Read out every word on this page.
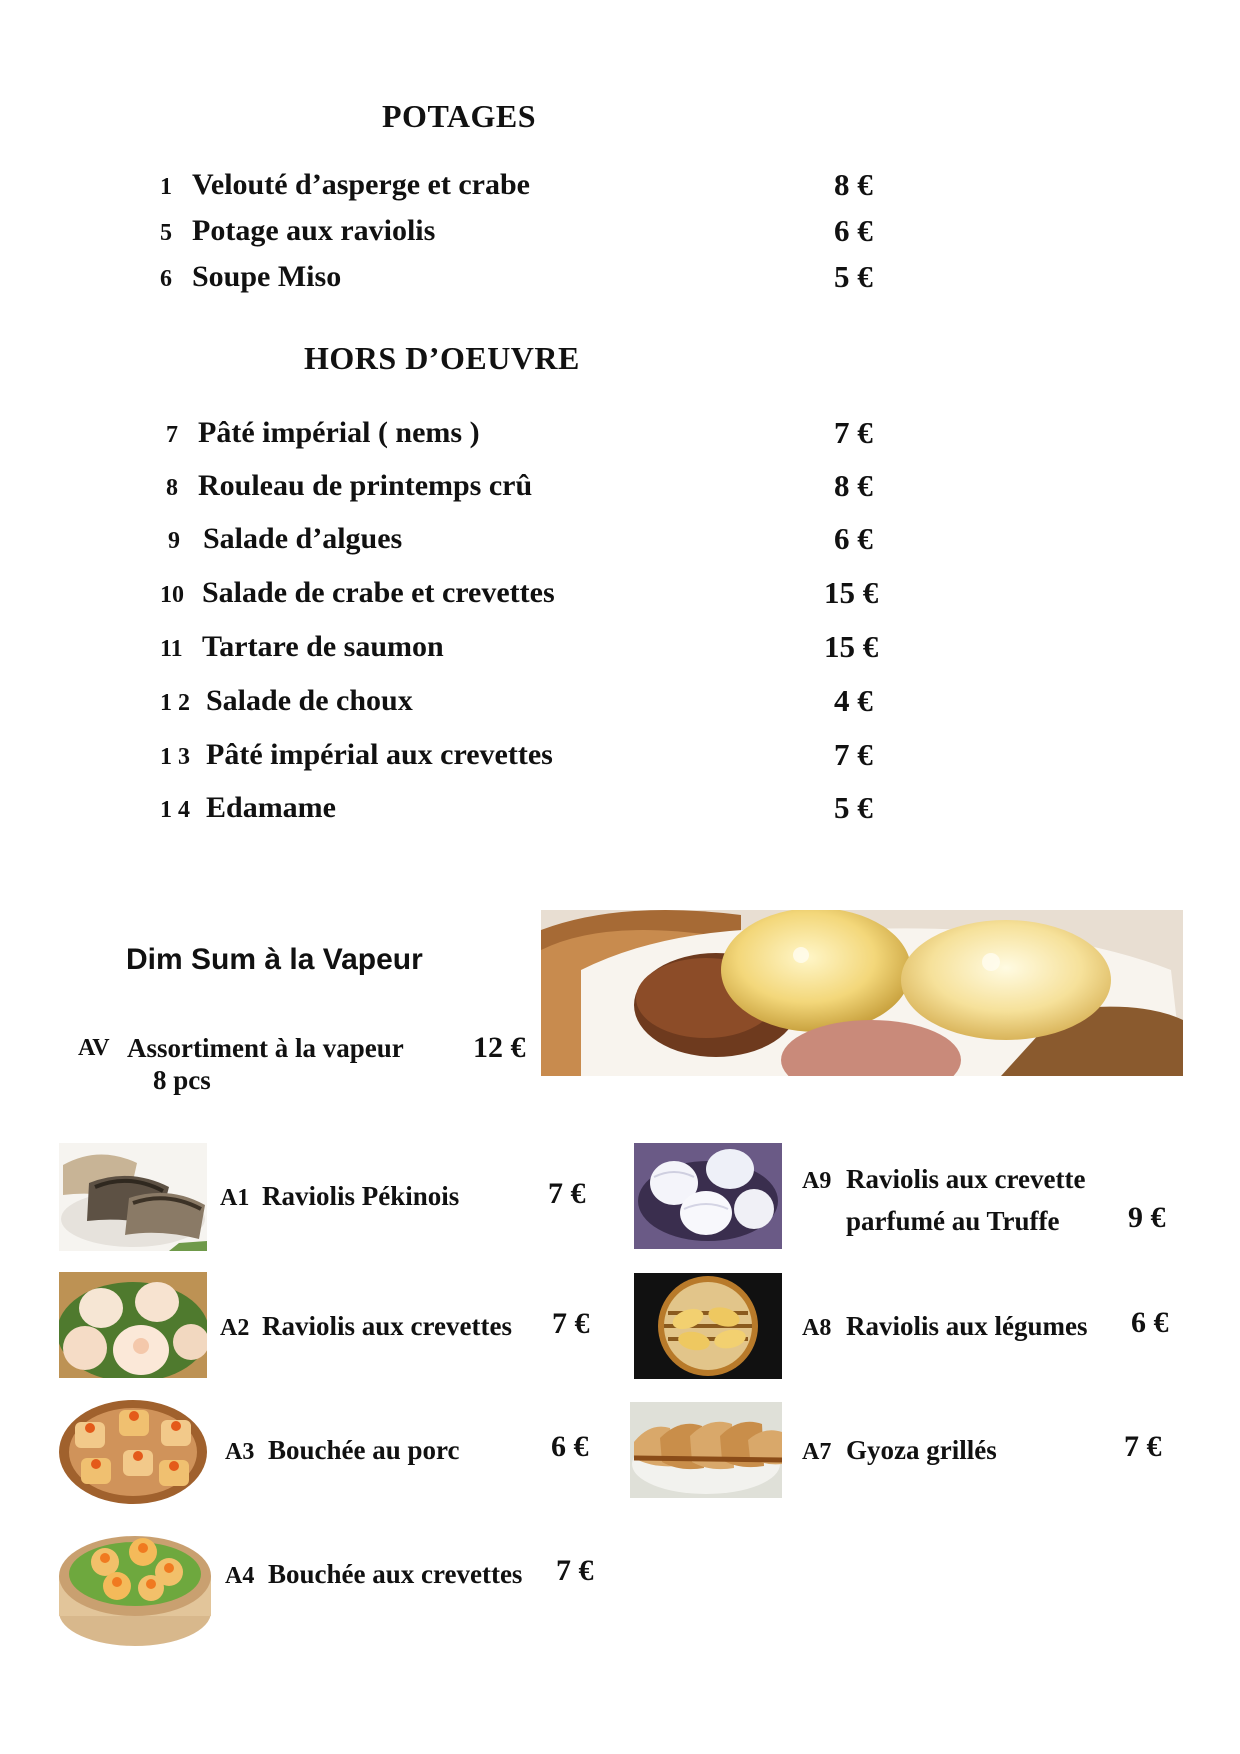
POTAGES
1 Velouté d’asperge et crabe	8 €
5 Potage aux raviolis	6 €
6 Soupe Miso	5 €
HORS D’OEUVRE
7 Pâté impérial ( nems )	7 €
8 Rouleau de printemps crû	8 €
9 Salade d’algues	6 €
10 Salade de crabe et crevettes	15 €
11 Tartare de saumon	15 €
1 2 Salade de choux	4 €
1 3 Pâté impérial aux crevettes	7 €
1 4 Edamame	5 €
Dim Sum à la Vapeur
AV Assortiment à la vapeur
8 pcs
12 €
A1 Raviolis Pékinois	7 €
A2 Raviolis aux crevettes 7 €
A3 Bouchée au porc	6 €
A4 Bouchée aux crevettes 7 €
A9 Raviolis aux crevette
parfumé au Truffe 9 €
A8 Raviolis aux légumes 6 €
A7 Gyoza grillés	7 €
